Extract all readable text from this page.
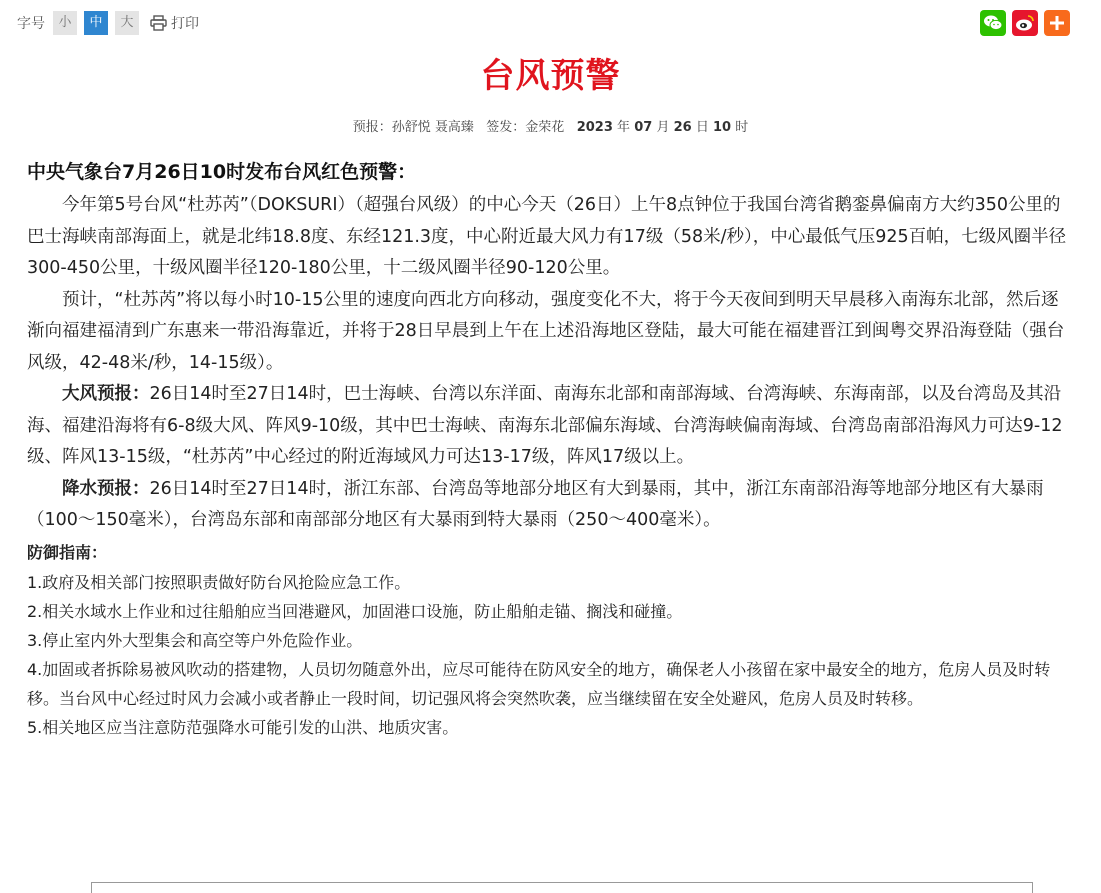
字号	小	中	大	打印
台风预警
预报：孙舒悦 聂高臻 签发：金荣花 2023 年 07 月 26 日 10 时

中央气象台7月26日10时发布台风红色预警：

今年第5号台风“杜苏芮”（DOKSURI）（超强台风级）的中心今天（26日）上午8点钟位于我国台湾省鹅銮鼻偏南方大约350公里的巴士海峡南部海面上，就是北纬18.8度、东经121.3度，中心附近最大风力有17级（58米/秒），中心最低气压925百帕，七级风圈半径300-450公里，十级风圈半径120-180公里，十二级风圈半径90-120公里。

预计，“杜苏芮”将以每小时10-15公里的速度向西北方向移动，强度变化不大，将于今天夜间到明天早晨移入南海东北部，然后逐渐向福建福清到广东惠来一带沿海靠近，并将于28日早晨到上午在上述沿海地区登陆，最大可能在福建晋江到闽粤交界沿海登陆（强台风级，42-48米/秒，14-15级）。

大风预报：26日14时至27日14时，巴士海峡、台湾以东洋面、南海东北部和南部海域、台湾海峡、东海南部，以及台湾岛及其沿海、福建沿海将有6-8级大风、阵风9-10级，其中巴士海峡、南海东北部偏东海域、台湾海峡偏南海域、台湾岛南部沿海风力可达9-12级、阵风13-15级，“杜苏芮”中心经过的附近海域风力可达13-17级，阵风17级以上。

降水预报：26日14时至27日14时，浙江东部、台湾岛等地部分地区有大到暴雨，其中，浙江东南部沿海等地部分地区有大暴雨（100～150毫米），台湾岛东部和南部部分地区有大暴雨到特大暴雨（250～400毫米）。

防御指南：

1.政府及相关部门按照职责做好防台风抢险应急工作。

2.相关水域水上作业和过往船舶应当回港避风，加固港口设施，防止船舶走锚、搁浅和碰撞。

3.停止室内外大型集会和高空等户外危险作业。

4.加固或者拆除易被风吹动的搭建物，人员切勿随意外出，应尽可能待在防风安全的地方，确保老人小孩留在家中最安全的地方，危房人员及时转移。当台风中心经过时风力会减小或者静止一段时间，切记强风将会突然吹袭，应当继续留在安全处避风，危房人员及时转移。

5.相关地区应当注意防范强降水可能引发的山洪、地质灾害。
